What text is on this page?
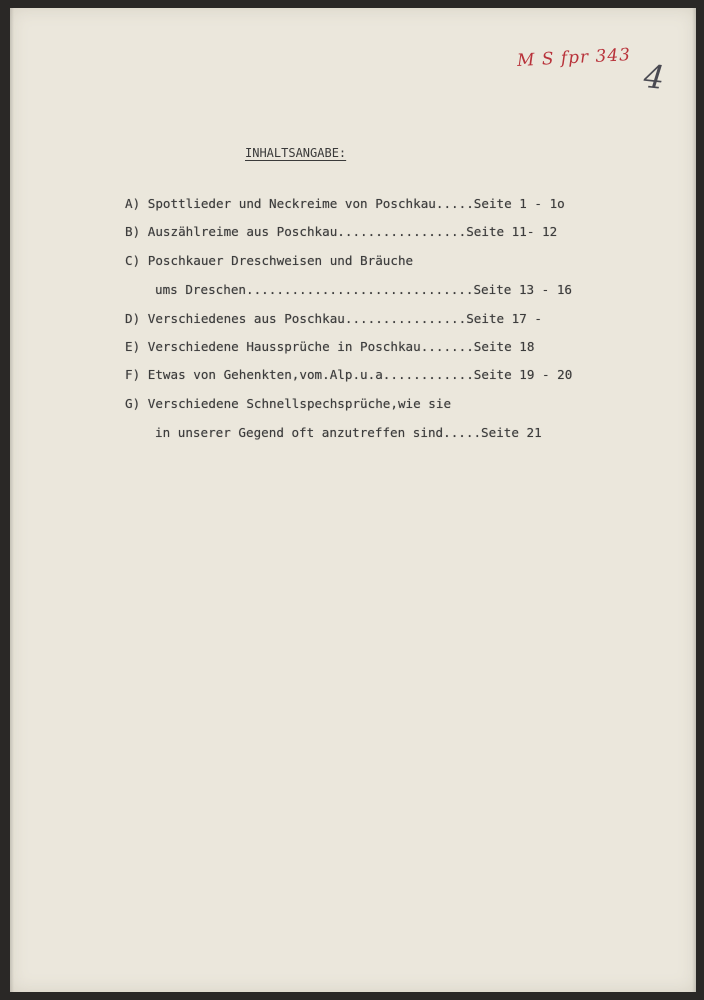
M S fpr 343 4
INHALTSANGABE:
A) Spottlieder und Neckreime von Poschkau.....Seite 1 - 1o
B) Auszählreime aus Poschkau.................Seite 11- 12
C) Poschkauer Dreschweisen und Bräuche
ums Dreschen..............................Seite 13 - 16
D) Verschiedenes aus Poschkau................Seite 17 -
E) Verschiedene Haussprüche in Poschkau.......Seite 18
F) Etwas von Gehenkten,vom.Alp.u.a............Seite 19 - 20
G) Verschiedene Schnellspechsprüche,wie sie
in unserer Gegend oft anzutreffen sind.....Seite 21
